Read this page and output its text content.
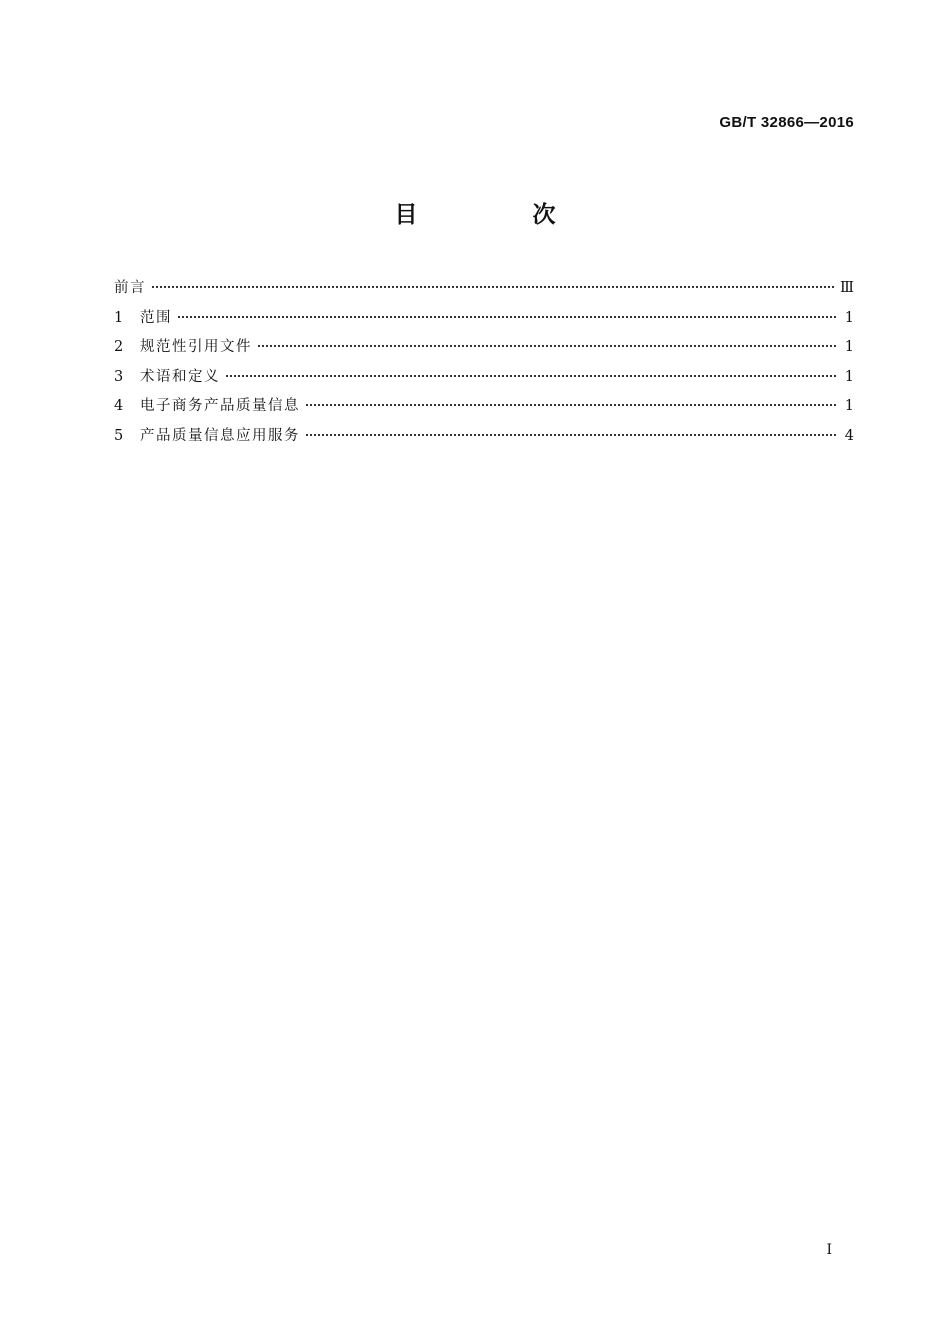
GB/T 32866—2016
目　次
前言	Ⅲ
1	范围	1
2	规范性引用文件	1
3	术语和定义	1
4	电子商务产品质量信息	1
5	产品质量信息应用服务	4
Ⅰ
